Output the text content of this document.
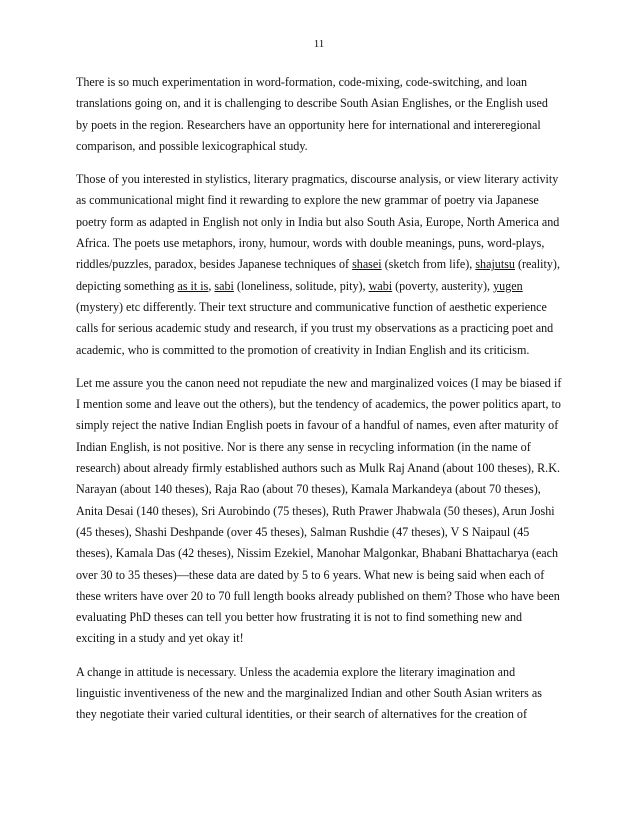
11

There is so much experimentation in word-formation, code-mixing, code-switching, and loan translations going on, and it is challenging to describe South Asian Englishes, or the English used by poets in the region. Researchers have an opportunity here for international and intereregional comparison, and possible lexicographical study.

Those of you interested in stylistics, literary pragmatics, discourse analysis, or view literary activity as communicational might find it rewarding to explore the new grammar of poetry via Japanese poetry form as adapted in English not only in India but also South Asia, Europe, North America and Africa. The poets use metaphors, irony, humour, words with double meanings, puns, word-plays, riddles/puzzles, paradox, besides Japanese techniques of shasei (sketch from life), shajutsu (reality), depicting something as it is, sabi (loneliness, solitude, pity), wabi (poverty, austerity), yugen (mystery) etc differently. Their text structure and communicative function of aesthetic experience calls for serious academic study and research, if you trust my observations as a practicing poet and academic, who is committed to the promotion of creativity in Indian English and its criticism.

Let me assure you the canon need not repudiate the new and marginalized voices (I may be biased if I mention some and leave out the others), but the tendency of academics, the power politics apart, to simply reject the native Indian English poets in favour of a handful of names, even after maturity of Indian English, is not positive. Nor is there any sense in recycling information (in the name of research) about already firmly established authors such as Mulk Raj Anand (about 100 theses), R.K. Narayan (about 140 theses), Raja Rao (about 70 theses), Kamala Markandeya (about 70 theses), Anita Desai (140 theses), Sri Aurobindo (75 theses), Ruth Prawer Jhabwala (50 theses), Arun Joshi (45 theses), Shashi Deshpande (over 45 theses), Salman Rushdie (47 theses), V S Naipaul (45 theses), Kamala Das (42 theses), Nissim Ezekiel, Manohar Malgonkar, Bhabani Bhattacharya (each over 30 to 35 theses)—these data are dated by 5 to 6 years. What new is being said when each of these writers have over 20 to 70 full length books already published on them? Those who have been evaluating PhD theses can tell you better how frustrating it is not to find something new and exciting in a study and yet okay it!

A change in attitude is necessary. Unless the academia explore the literary imagination and linguistic inventiveness of the new and the marginalized Indian and other South Asian writers as they negotiate their varied cultural identities, or their search of alternatives for the creation of
